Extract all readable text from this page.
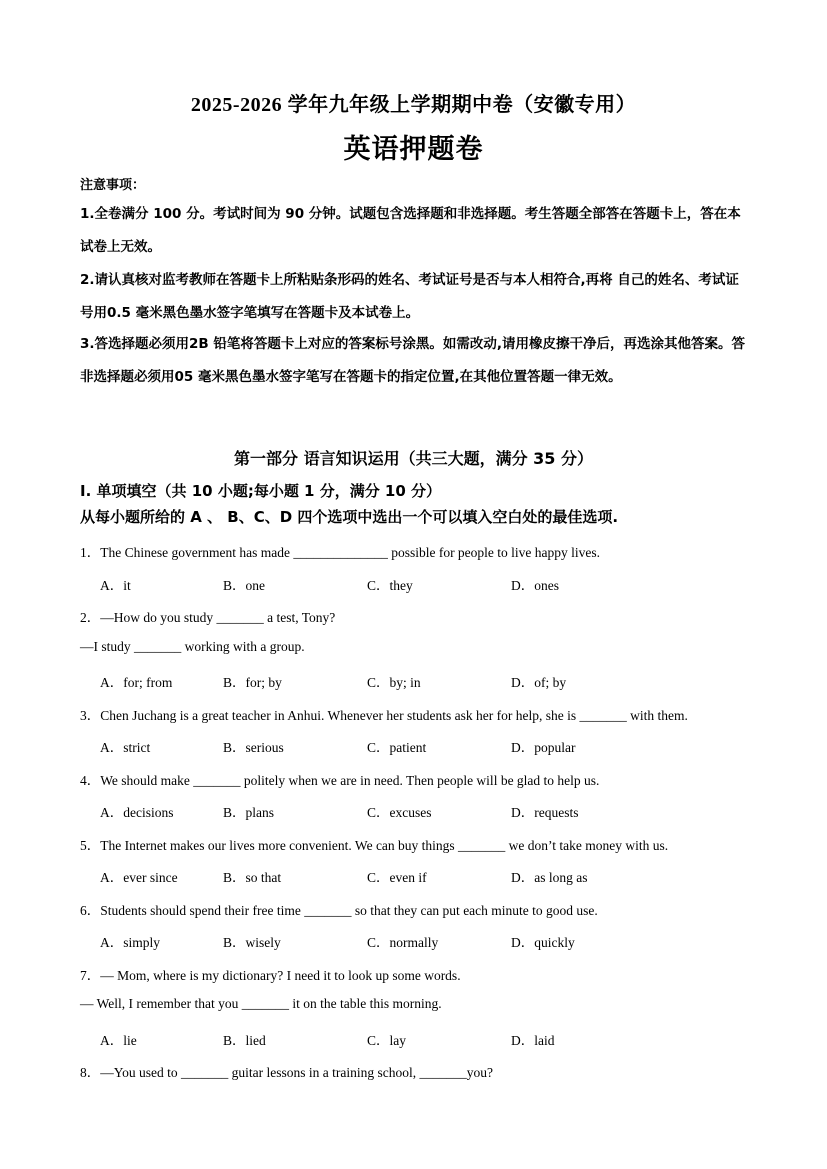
2025-2026 学年九年级上学期期中卷（安徽专用）
英语押题卷
注意事项：
1.全卷满分 100 分。考试时间为 90 分钟。试题包含选择题和非选择题。考生答题全部答在答题卡上，答在本试卷上无效。
2.请认真核对监考教师在答题卡上所粘贴条形码的姓名、考试证号是否与本人相符合,再将 自己的姓名、考试证号用0.5 毫米黑色墨水签字笔填写在答题卡及本试卷上。
3.答选择题必须用2B 铅笔将答题卡上对应的答案标号涂黑。如需改动,请用橡皮擦干净后，再选涂其他答案。答非选择题必须用05 毫米黑色墨水签字笔写在答题卡的指定位置,在其他位置答题一律无效。
第一部分 语言知识运用（共三大题，满分 35 分）
I. 单项填空（共 10 小题;每小题 1 分，满分 10 分）
从每小题所给的 A 、 B、C、D 四个选项中选出一个可以填入空白处的最佳选项.
1．The Chinese government has made ______________ possible for people to live happy lives.
A．it	B．one	C．they	D．ones
2．—How do you study _______ a test, Tony?
—I study _______ working with a group.
A．for; from	B．for; by	C．by; in	D．of; by
3．Chen Juchang is a great teacher in Anhui. Whenever her students ask her for help, she is _______ with them.
A．strict	B．serious	C．patient	D．popular
4．We should make _______ politely when we are in need. Then people will be glad to help us.
A．decisions	B．plans	C．excuses	D．requests
5．The Internet makes our lives more convenient. We can buy things _______ we don’t take money with us.
A．ever since	B．so that	C．even if	D．as long as
6．Students should spend their free time _______ so that they can put each minute to good use.
A．simply	B．wisely	C．normally	D．quickly
7．— Mom, where is my dictionary? I need it to look up some words.
— Well, I remember that you _______ it on the table this morning.
A．lie	B．lied	C．lay	D．laid
8．—You used to _______ guitar lessons in a training school, _______you?
